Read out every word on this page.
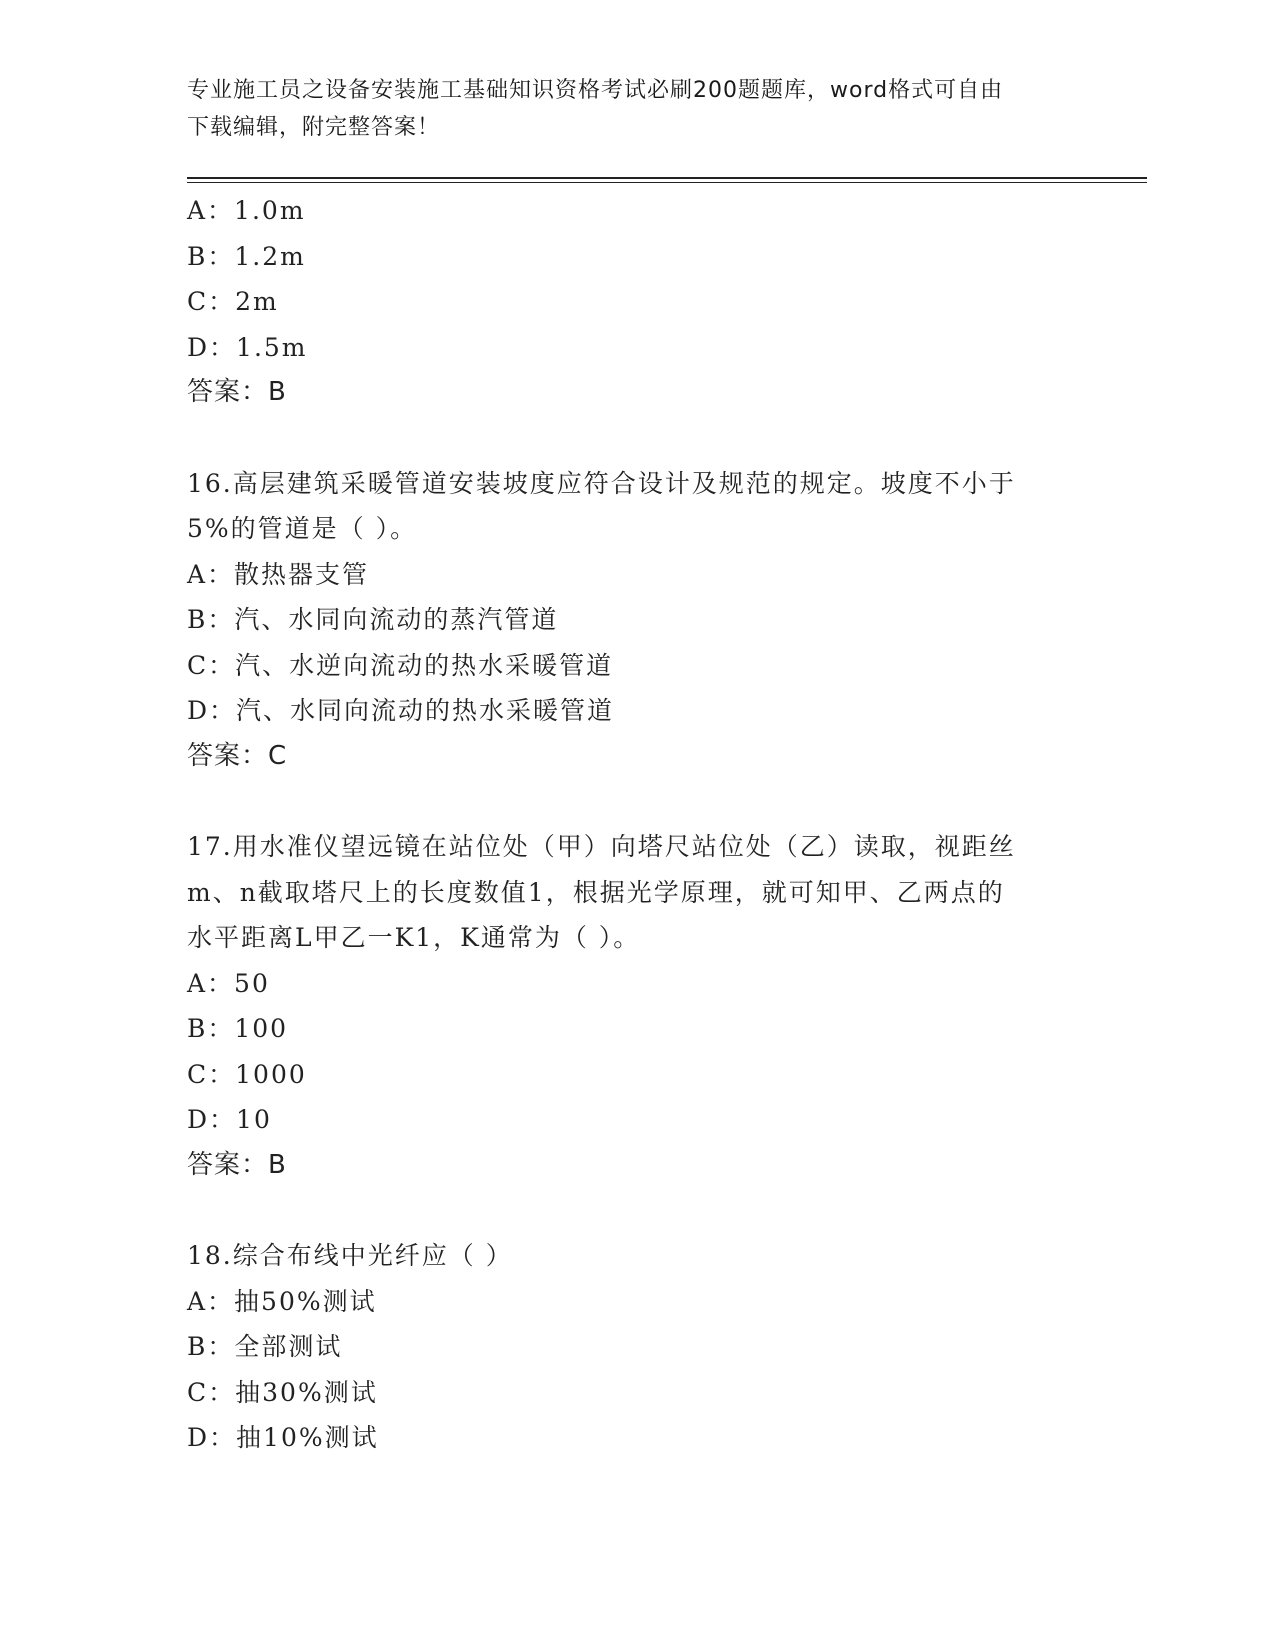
专业施工员之设备安装施工基础知识资格考试必刷200题题库，word格式可自由
下载编辑，附完整答案！
A：1.0m
B：1.2m
C：2m
D：1.5m
答案：B
16.高层建筑采暖管道安装坡度应符合设计及规范的规定。坡度不小于
5%的管道是（ ）。
A：散热器支管
B：汽、水同向流动的蒸汽管道
C：汽、水逆向流动的热水采暖管道
D：汽、水同向流动的热水采暖管道
答案：C
17.用水准仪望远镜在站位处（甲）向塔尺站位处（乙）读取，视距丝
m、n截取塔尺上的长度数值1，根据光学原理，就可知甲、乙两点的
水平距离L甲乙一K1，K通常为（ ）。
A：50
B：100
C：1000
D：10
答案：B
18.综合布线中光纤应（ ）
A：抽50%测试
B：全部测试
C：抽30%测试
D：抽10%测试
